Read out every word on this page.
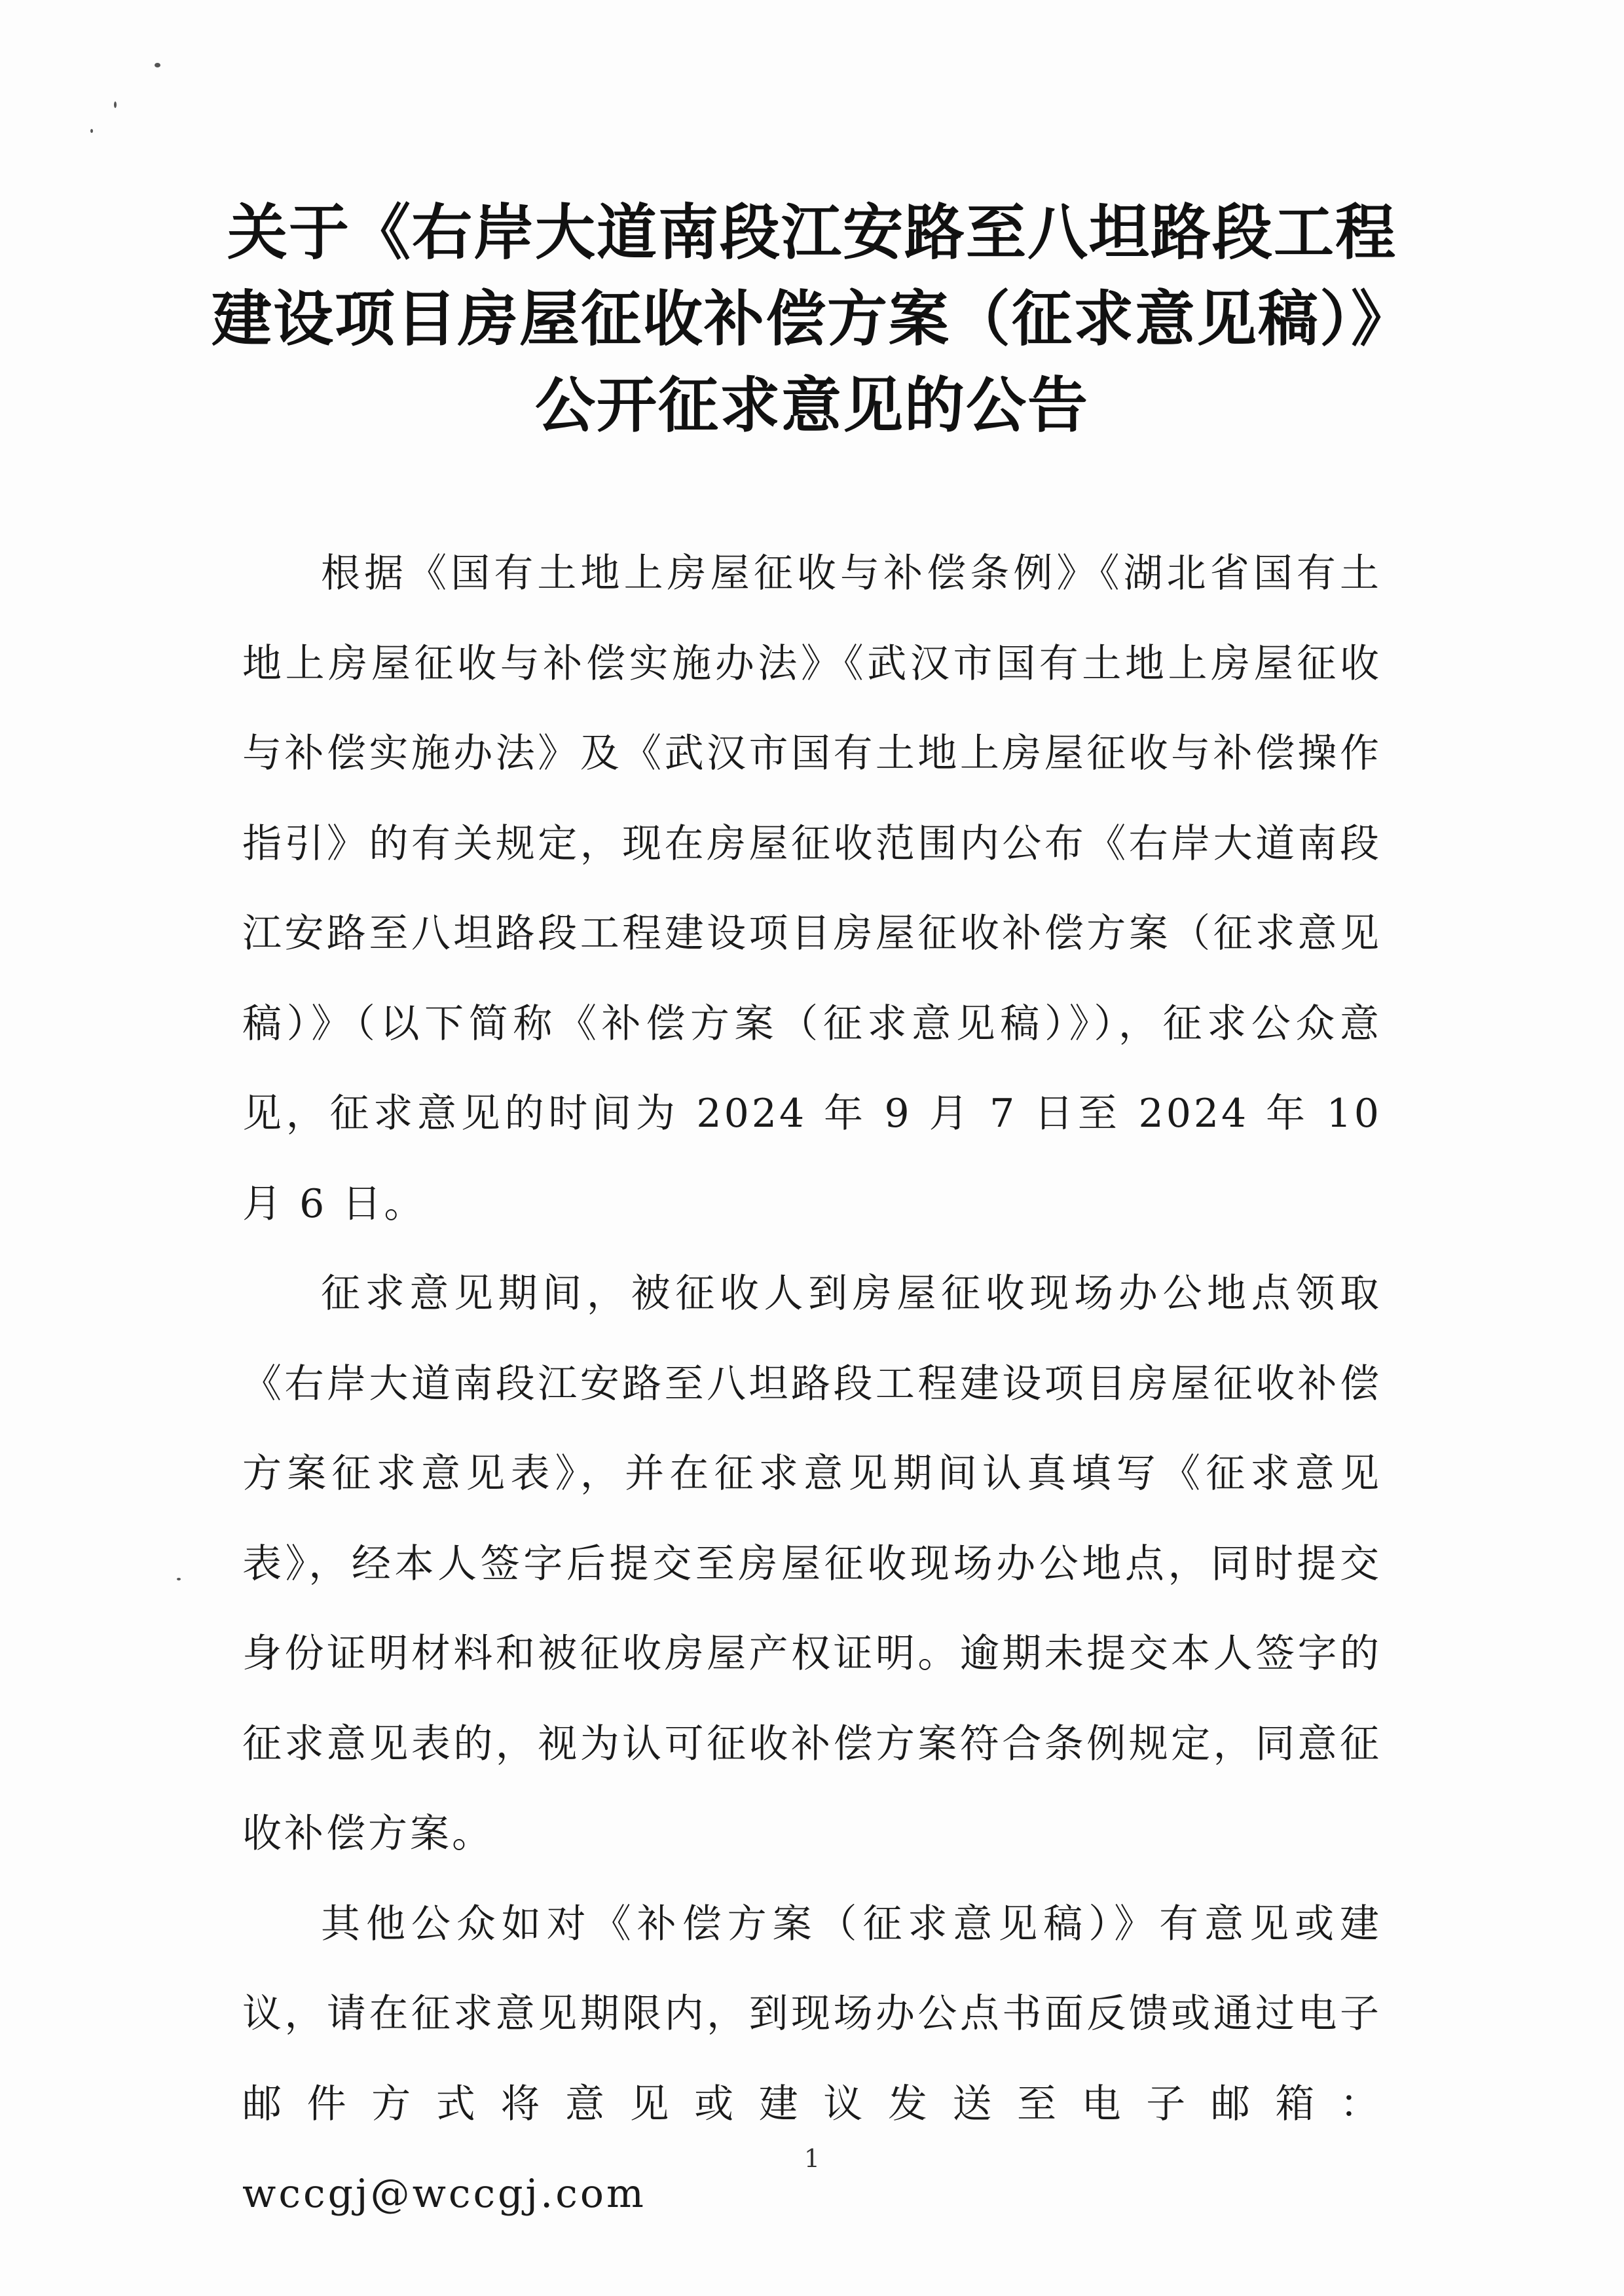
关于《右岸大道南段江安路至八坦路段工程
建设项目房屋征收补偿方案（征求意见稿）》
公开征求意见的公告

根据《国有土地上房屋征收与补偿条例》《湖北省国有土地上房屋征收与补偿实施办法》《武汉市国有土地上房屋征收与补偿实施办法》及《武汉市国有土地上房屋征收与补偿操作指引》的有关规定，现在房屋征收范围内公布《右岸大道南段江安路至八坦路段工程建设项目房屋征收补偿方案（征求意见稿）》（以下简称《补偿方案（征求意见稿）》），征求公众意见，征求意见的时间为 2024 年 9 月 7 日至 2024 年 10 月 6 日。

征求意见期间，被征收人到房屋征收现场办公地点领取《右岸大道南段江安路至八坦路段工程建设项目房屋征收补偿方案征求意见表》，并在征求意见期间认真填写《征求意见表》，经本人签字后提交至房屋征收现场办公地点，同时提交身份证明材料和被征收房屋产权证明。逾期未提交本人签字的征求意见表的，视为认可征收补偿方案符合条例规定，同意征收补偿方案。

其他公众如对《补偿方案（征求意见稿）》有意见或建议，请在征求意见期限内，到现场办公点书面反馈或通过电子邮件方式将意见或建议发送至电子邮箱：

wccgj@wccgj.com

1
